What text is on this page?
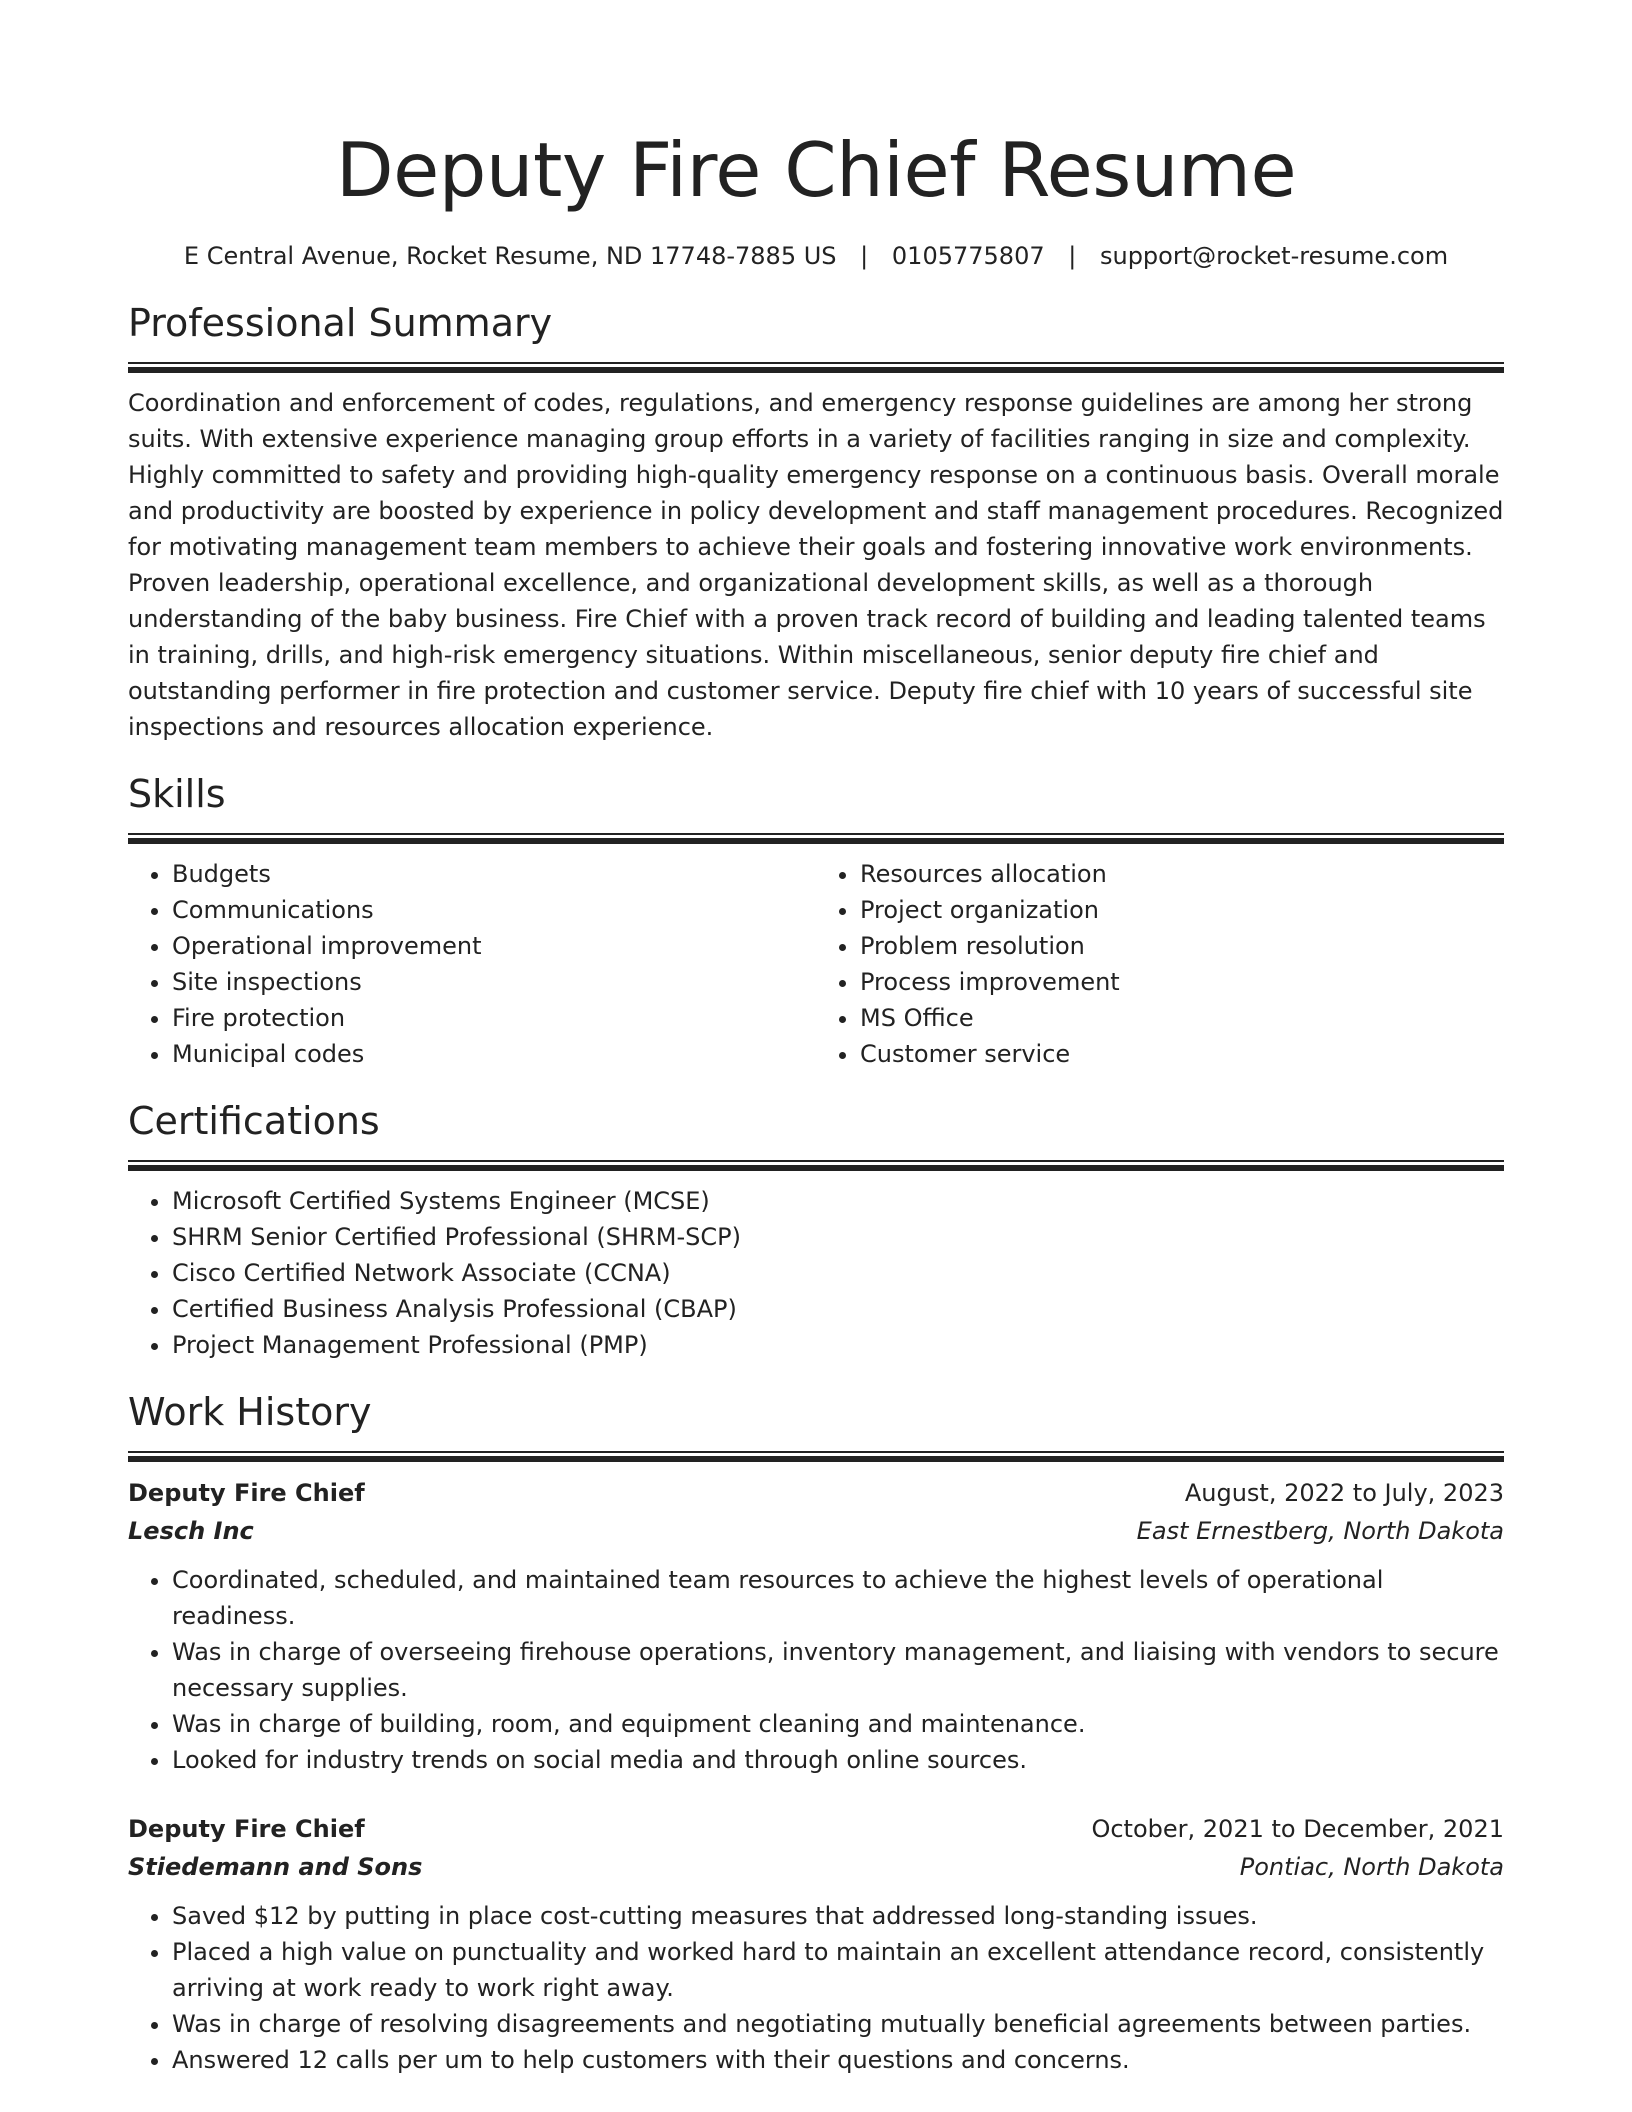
Deputy Fire Chief Resume
E Central Avenue, Rocket Resume, ND 17748-7885 US | 0105775807 | support@rocket-resume.com
Professional Summary

Coordination and enforcement of codes, regulations, and emergency response guidelines are among her strong suits. With extensive experience managing group efforts in a variety of facilities ranging in size and complexity. Highly committed to safety and providing high-quality emergency response on a continuous basis. Overall morale and productivity are boosted by experience in policy development and staff management procedures. Recognized for motivating management team members to achieve their goals and fostering innovative work environments. Proven leadership, operational excellence, and organizational development skills, as well as a thorough understanding of the baby business. Fire Chief with a proven track record of building and leading talented teams in training, drills, and high-risk emergency situations. Within miscellaneous, senior deputy fire chief and outstanding performer in fire protection and customer service. Deputy fire chief with 10 years of successful site inspections and resources allocation experience.

Skills
• Budgets
• Communications
• Operational improvement
• Site inspections
• Fire protection
• Municipal codes
• Resources allocation
• Project organization
• Problem resolution
• Process improvement
• MS Office
• Customer service
Certifications
• Microsoft Certified Systems Engineer (MCSE)
• SHRM Senior Certified Professional (SHRM-SCP)
• Cisco Certified Network Associate (CCNA)
• Certified Business Analysis Professional (CBAP)
• Project Management Professional (PMP)
Work History
Deputy Fire Chief	August, 2022 to July, 2023
Lesch Inc	East Ernestberg, North Dakota
• Coordinated, scheduled, and maintained team resources to achieve the highest levels of operational readiness.
• Was in charge of overseeing firehouse operations, inventory management, and liaising with vendors to secure necessary supplies.
• Was in charge of building, room, and equipment cleaning and maintenance.
• Looked for industry trends on social media and through online sources.
Deputy Fire Chief	October, 2021 to December, 2021
Stiedemann and Sons	Pontiac, North Dakota
• Saved $12 by putting in place cost-cutting measures that addressed long-standing issues.
• Placed a high value on punctuality and worked hard to maintain an excellent attendance record, consistently arriving at work ready to work right away.
• Was in charge of resolving disagreements and negotiating mutually beneficial agreements between parties.
• Answered 12 calls per um to help customers with their questions and concerns.
